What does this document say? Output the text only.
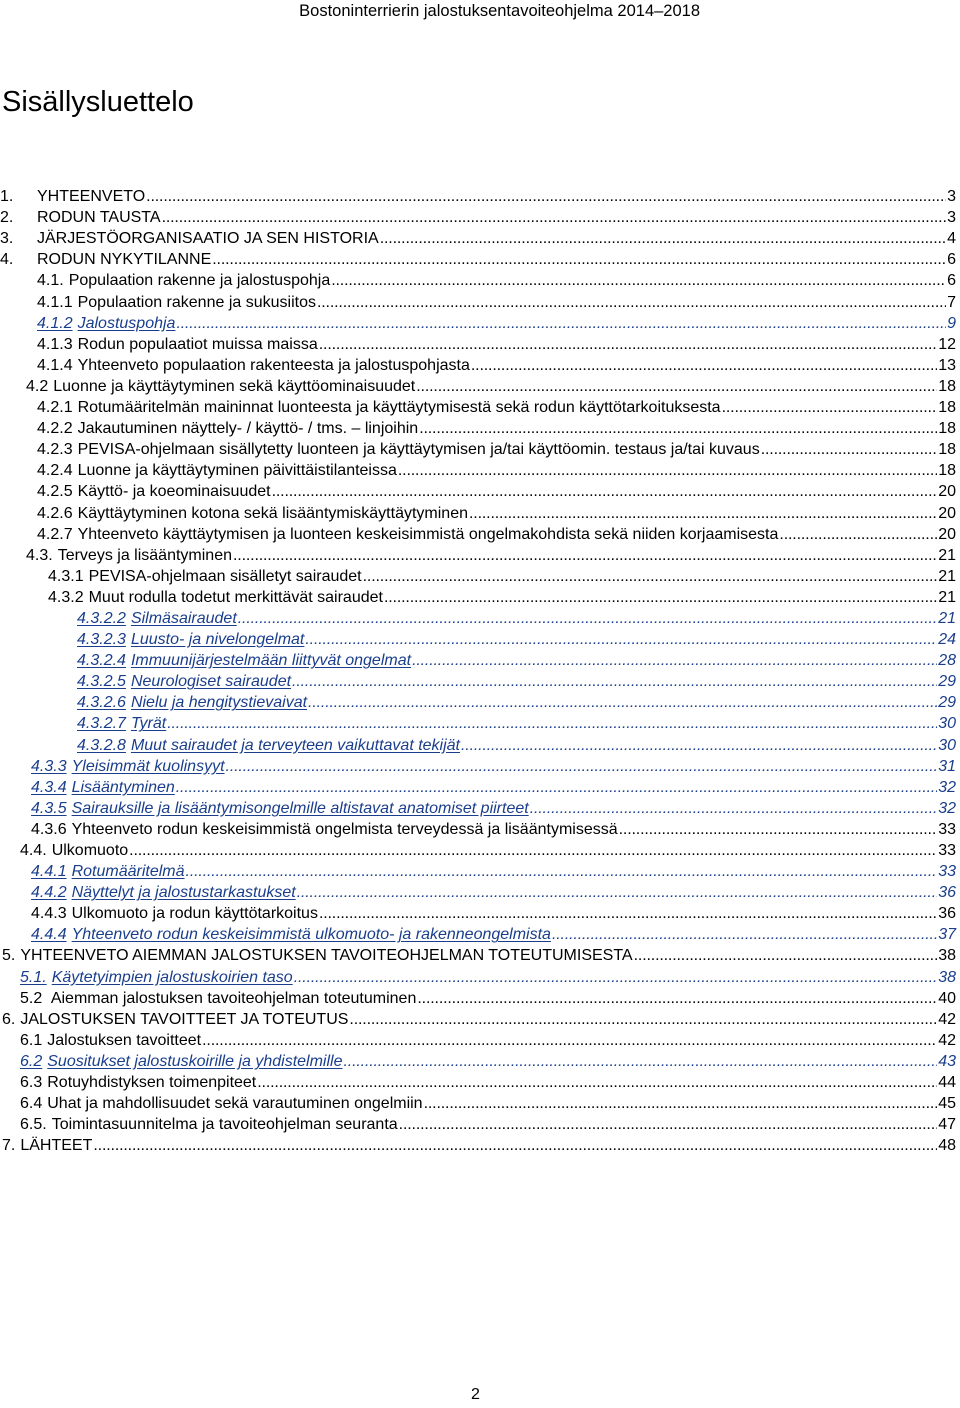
Bostoninterrierin jalostuksentavoiteohjelma 2014–2018
Sisällysluettelo
1.	YHTEENVETO . . .	3
2.	RODUN TAUSTA . . .	3
3.	JÄRJESTÖORGANISAATIO JA SEN HISTORIA . . .	4
4.	RODUN NYKYTILANNE . . .	6
4.1. Populaation rakenne ja jalostuspohja . . .	6
4.1.1 Populaation rakenne ja sukusiitos . . .	7
4.1.2 Jalostuspohja . . .	9
4.1.3 Rodun populaatiot muissa maissa . . .	12
4.1.4 Yhteenveto populaation rakenteesta ja jalostuspohjasta . . .	13
4.2 Luonne ja käyttäytyminen sekä käyttöominaisuudet . . .	18
4.2.1 Rotumääritelmän maininnat luonteesta ja käyttäytymisestä sekä rodun käyttötarkoituksesta . . .	18
4.2.2 Jakautuminen näyttely- / käyttö- / tms. – linjoihin . . .	18
4.2.3 PEVISA-ohjelmaan sisällytetty luonteen ja käyttäytymisen ja/tai käyttöomin. testaus ja/tai kuvaus . . .	18
4.2.4 Luonne ja käyttäytyminen päivittäistilanteissa . . .	18
4.2.5 Käyttö- ja koeominaisuudet . . .	20
4.2.6 Käyttäytyminen kotona sekä lisääntymiskäyttäytyminen . . .	20
4.2.7 Yhteenveto käyttäytymisen ja luonteen keskeisimmistä ongelmakohdista sekä niiden korjaamisesta . . .	20
4.3. Terveys ja lisääntyminen . . .	21
4.3.1 PEVISA-ohjelmaan sisälletyt sairaudet . . .	21
4.3.2 Muut rodulla todetut merkittävät sairaudet . . .	21
4.3.2.2 Silmäsairaudet . . .	21
4.3.2.3 Luusto- ja nivelongelmat . . .	24
4.3.2.4 Immuunijärjestelmään liittyvät ongelmat . . .	28
4.3.2.5 Neurologiset sairaudet . . .	29
4.3.2.6 Nielu ja hengitystievaivat . . .	29
4.3.2.7 Tyrät . . .	30
4.3.2.8 Muut sairaudet ja terveyteen vaikuttavat tekijät . . .	30
4.3.3 Yleisimmät kuolinsyyt . . .	31
4.3.4 Lisääntyminen . . .	32
4.3.5 Sairauksille ja lisääntymisongelmille altistavat anatomiset piirteet . . .	32
4.3.6 Yhteenveto rodun keskeisimmistä ongelmista terveydessä ja lisääntymisessä . . .	33
4.4. Ulkomuoto . . .	33
4.4.1 Rotumääritelmä . . .	33
4.4.2 Näyttelyt ja jalostustarkastukset . . .	36
4.4.3 Ulkomuoto ja rodun käyttötarkoitus . . .	36
4.4.4 Yhteenveto rodun keskeisimmistä ulkomuoto- ja rakenneongelmista . . .	37
5. YHTEENVETO AIEMMAN JALOSTUKSEN TAVOITEOHJELMAN TOTEUTUMISESTA . . .	38
5.1. Käytetyimpien jalostuskoirien taso . . .	38
5.2 Aiemman jalostuksen tavoiteohjelman toteutuminen . . .	40
6. JALOSTUKSEN TAVOITTEET JA TOTEUTUS . . .	42
6.1 Jalostuksen tavoitteet . . .	42
6.2 Suositukset jalostuskoirille ja yhdistelmille . . .	43
6.3 Rotuyhdistyksen toimenpiteet . . .	44
6.4 Uhat ja mahdollisuudet sekä varautuminen ongelmiin . . .	45
6.5. Toimintasuunnitelma ja tavoiteohjelman seuranta . . .	47
7. LÄHTEET . . .	48
2
